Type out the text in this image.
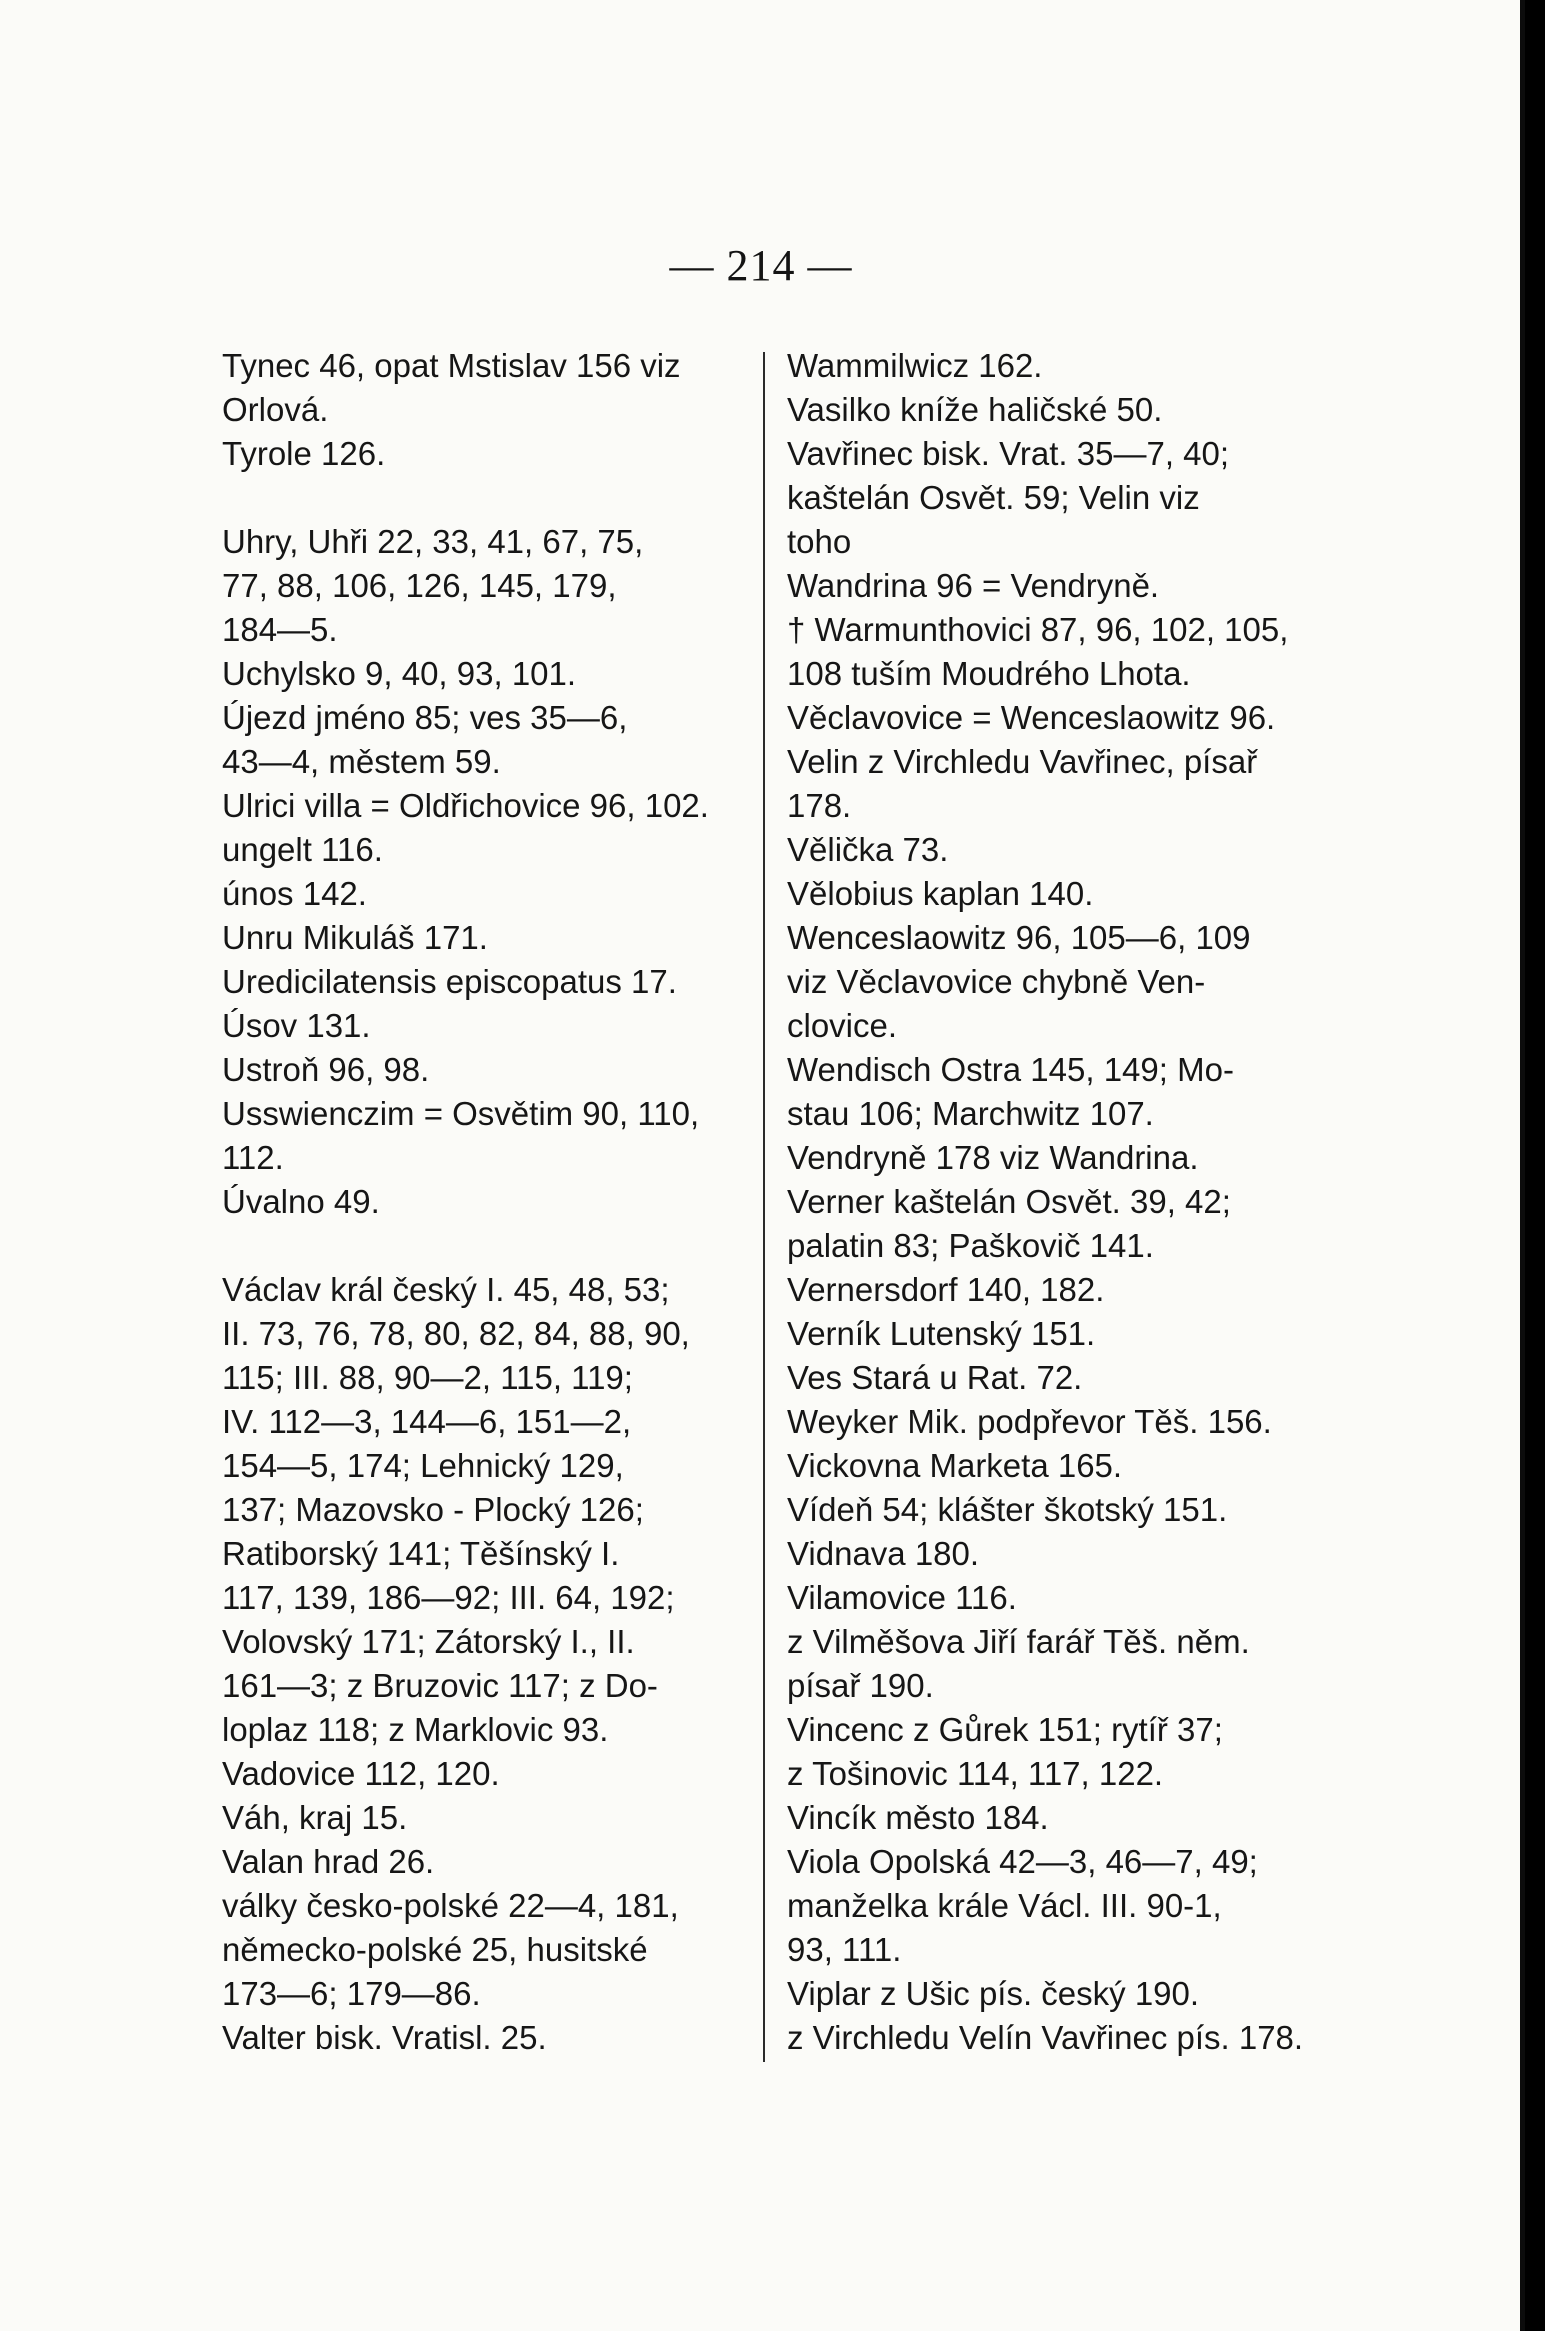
— 214 —

Tynec 46, opat Mstislav 156 viz
Orlová.

Tyrole 126.

Uhry, Uhři 22, 33, 41, 67, 75,
77, 88, 106, 126, 145, 179,
184—5.

Uchylsko 9, 40, 93, 101.

Újezd jméno 85; ves 35—6,
43—4, městem 59.

Ulrici villa = Oldřichovice 96, 102.

ungelt 116.

únos 142.

Unru Mikuláš 171.

Uredicilatensis episcopatus 17.

Úsov 131.

Ustroň 96, 98.

Usswienczim = Osvětim 90, 110,
112.

Úvalno 49.

Václav král český I. 45, 48, 53;
II. 73, 76, 78, 80, 82, 84, 88, 90,
115; III. 88, 90—2, 115, 119;
IV. 112—3, 144—6, 151—2,
154—5, 174; Lehnický 129,
137; Mazovsko - Plocký 126;
Ratiborský 141; Těšínský I.
117, 139, 186—92; III. 64, 192;
Volovský 171; Zátorský I., II.
161—3; z Bruzovic 117; z Do-
loplaz 118; z Marklovic 93.

Vadovice 112, 120.

Váh, kraj 15.

Valan hrad 26.

války česko-polské 22—4, 181,
německo-polské 25, husitské
173—6; 179—86.

Valter bisk. Vratisl. 25.

Wammilwicz 162.

Vasilko kníže haličské 50.

Vavřinec bisk. Vrat. 35—7, 40;
kaštelán Osvět. 59; Velin viz
toho

Wandrina 96 = Vendryně.

† Warmunthovici 87, 96, 102, 105,
108 tuším Moudrého Lhota.

Věclavovice = Wenceslaowitz 96.

Velin z Virchledu Vavřinec, písař
178.

Vělička 73.

Vělobius kaplan 140.

Wenceslaowitz 96, 105—6, 109
viz Věclavovice chybně Ven-
clovice.

Wendisch Ostra 145, 149; Mo-
stau 106; Marchwitz 107.

Vendryně 178 viz Wandrina.

Verner kaštelán Osvět. 39, 42;
palatin 83; Paškovič 141.

Vernersdorf 140, 182.

Verník Lutenský 151.

Ves Stará u Rat. 72.

Weyker Mik. podpřevor Těš. 156.

Vickovna Marketa 165.

Vídeň 54; klášter škotský 151.

Vidnava 180.

Vilamovice 116.

z Vilměšova Jiří farář Těš. něm.
písař 190.

Vincenc z Gůrek 151; rytíř 37;
z Tošinovic 114, 117, 122.

Vincík město 184.

Viola Opolská 42—3, 46—7, 49;
manželka krále Václ. III. 90-1,
93, 111.

Viplar z Ušic pís. český 190.

z Virchledu Velín Vavřinec pís. 178.
